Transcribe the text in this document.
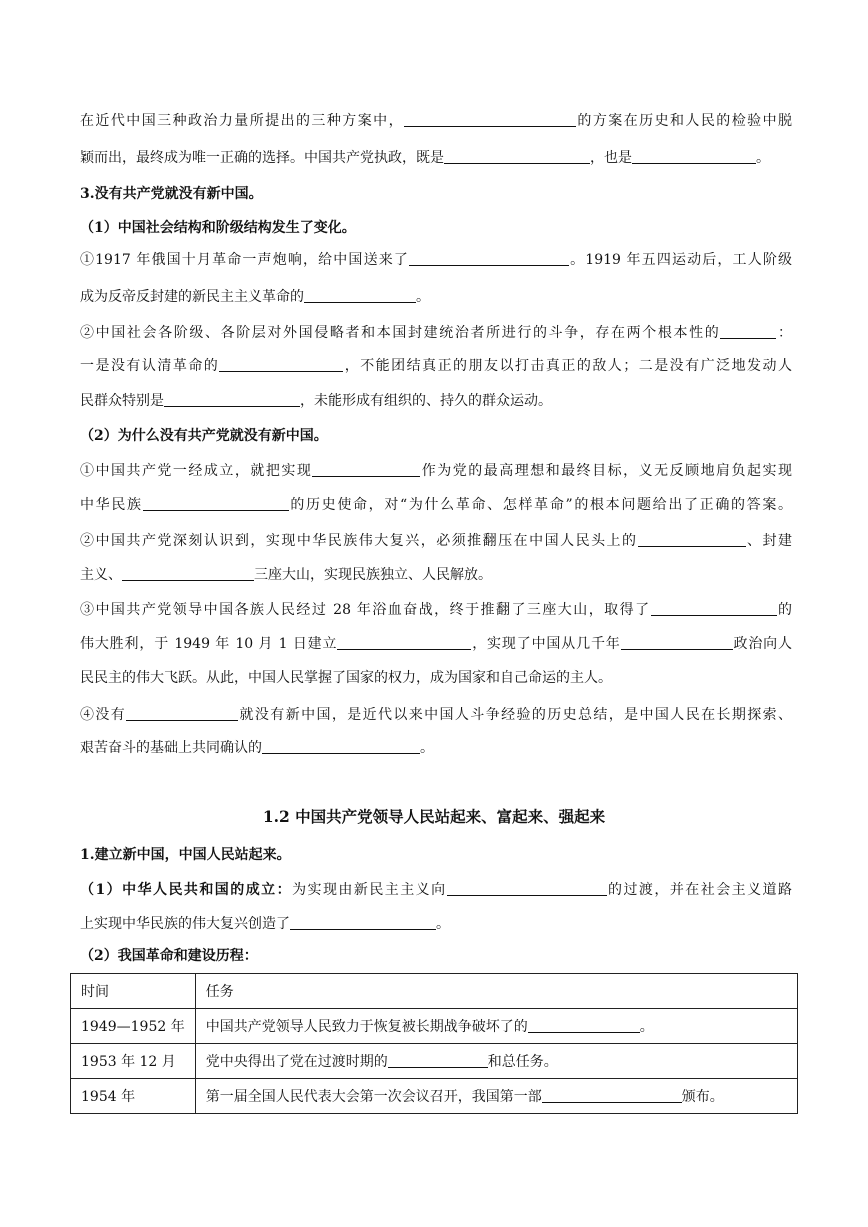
在近代中国三种政治力量所提出的三种方案中，	的方案在历史和人民的检验中脱
颖而出，最终成为唯一正确的选择。中国共产党执政，既是	，也是	。
3.没有共产党就没有新中国。
（1）中国社会结构和阶级结构发生了变化。
①1917 年俄国十月革命一声炮响，给中国送来了	。1919 年五四运动后，工人阶级
成为反帝反封建的新民主主义革命的	。
②中国社会各阶级、各阶层对外国侵略者和本国封建统治者所进行的斗争，存在两个根本性的	：
一是没有认清革命的	，不能团结真正的朋友以打击真正的敌人；二是没有广泛地发动人
民群众特别是	，未能形成有组织的、持久的群众运动。
（2）为什么没有共产党就没有新中国。
①中国共产党一经成立，就把实现	作为党的最高理想和最终目标，义无反顾地肩负起实现
中华民族	的历史使命，对“为什么革命、怎样革命”的根本问题给出了正确的答案。
②中国共产党深刻认识到，实现中华民族伟大复兴，必须推翻压在中国人民头上的	、封建
主义、	三座大山，实现民族独立、人民解放。
③中国共产党领导中国各族人民经过 28 年浴血奋战，终于推翻了三座大山，取得了	的
伟大胜利，于 1949 年 10 月 1 日建立	，实现了中国从几千年	政治向人
民民主的伟大飞跃。从此，中国人民掌握了国家的权力，成为国家和自己命运的主人。
④没有	就没有新中国，是近代以来中国人斗争经验的历史总结，是中国人民在长期探索、
艰苦奋斗的基础上共同确认的	。
1.2 中国共产党领导人民站起来、富起来、强起来
1.建立新中国，中国人民站起来。
（1）中华人民共和国的成立：为实现由新民主主义向	的过渡，并在社会主义道路
上实现中华民族的伟大复兴创造了	。
（2）我国革命和建设历程：
时间	任务
1949—1952 年	中国共产党领导人民致力于恢复被长期战争破坏了的 。
1953 年 12 月	党中央得出了党在过渡时期的 和总任务。
1954 年	第一届全国人民代表大会第一次会议召开，我国第一部 颁布。
